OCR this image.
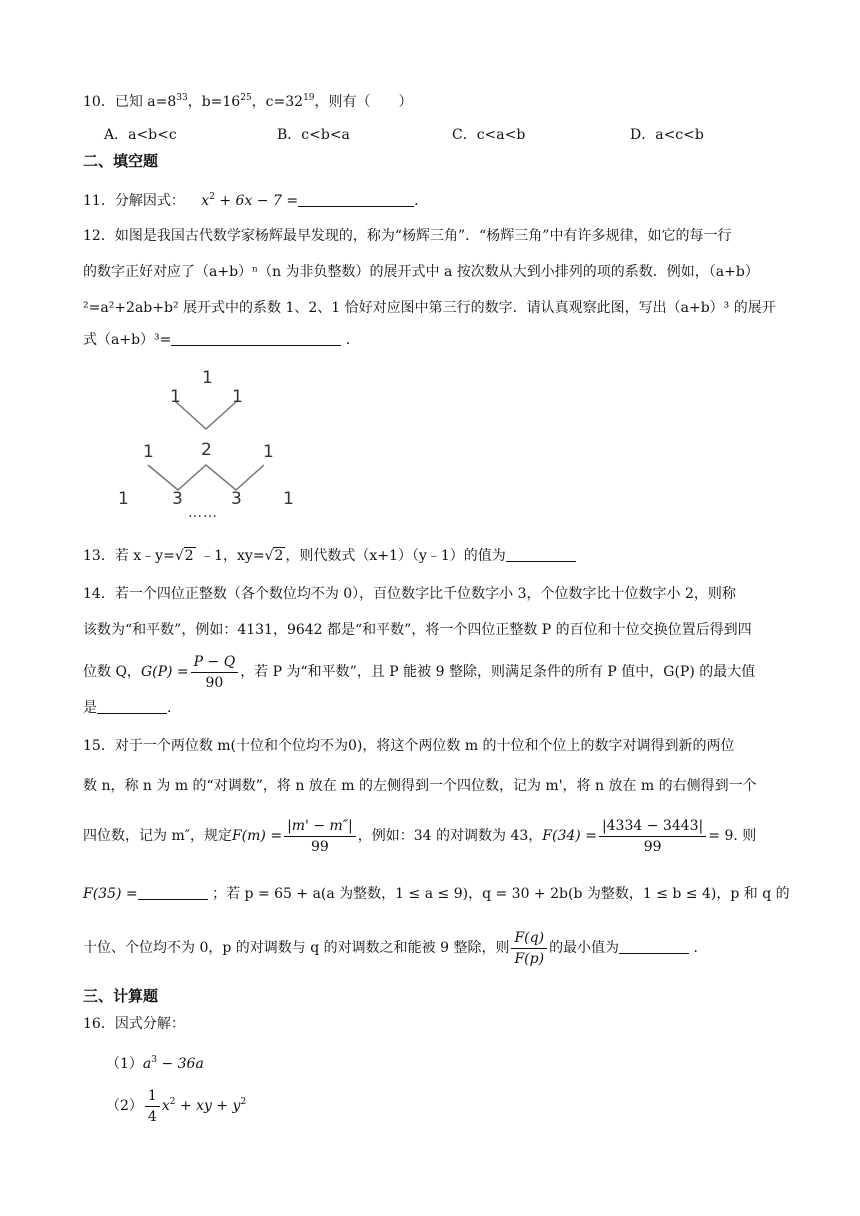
10．已知 $a=8^{33}$，$b=16^{25}$，$c=32^{19}$，则有（　　）
A．a<b<c	B．c<b<a	C．c<a<b	D．a<c<b
二、填空题
11．分解因式： $x^2 + 6x - 7$ =	.
12．如图是我国古代数学家杨辉最早发现的，称为“杨辉三角”．“杨辉三角”中有许多规律，如它的每一行
的数字正好对应了（a+b）ⁿ（n 为非负整数）的展开式中 a 按次数从大到小排列的项的系数．例如，（a+b）
²=a²+2ab+b² 展开式中的系数 1、2、1 恰好对应图中第三行的数字．请认真观察此图，写出（a+b）³ 的展开
式（a+b）³=	．
1
1	1
1	2	1
1	3	3 1
……
13．若 x﹣y=√2 ﹣1，xy=√2 ，则代数式（x+1）（y﹣1）的值为
14．若一个四位正整数（各个数位均不为 0），百位数字比千位数字小 3，个位数字比十位数字小 2，则称
该数为“和平数”，例如：4131，9642 都是“和平数”，将一个四位正整数 P 的百位和十位交换位置后得到四
位数 Q，$G(P) = \frac{P - Q}{90}$ ，若 P 为“和平数”，且 P 能被 9 整除，则满足条件的所有 P 值中，G(P) 的最大值
是	．
15．对于一个两位数 m(十位和个位均不为0)，将这个两位数 m 的十位和个位上的数字对调得到新的两位
数 n，称 n 为 m 的“对调数”，将 n 放在 m 的左侧得到一个四位数，记为 m'，将 n 放在 m 的右侧得到一个
四位数，记为 m″，规定$F(m) = \frac{|m' - m''|}{99}$ ，例如：34 的对调数为 43，$F(34) = \frac{|4334 - 3443|}{99} = 9$. 则
F(35) =	；若 p = 65 + a(a 为整数，1 ≤ a ≤ 9)，q = 30 + 2b(b 为整数，1 ≤ b ≤ 4)，p 和 q 的
十位、个位均不为 0，p 的对调数与 q 的对调数之和能被 9 整除，则 $\frac{F(q)}{F(p)}$ 的最小值为	．
三、计算题
16．因式分解：
$(1)a^3 - 36a$
$(2) \frac{1}{4} x^2$ + xy + $y^2$
